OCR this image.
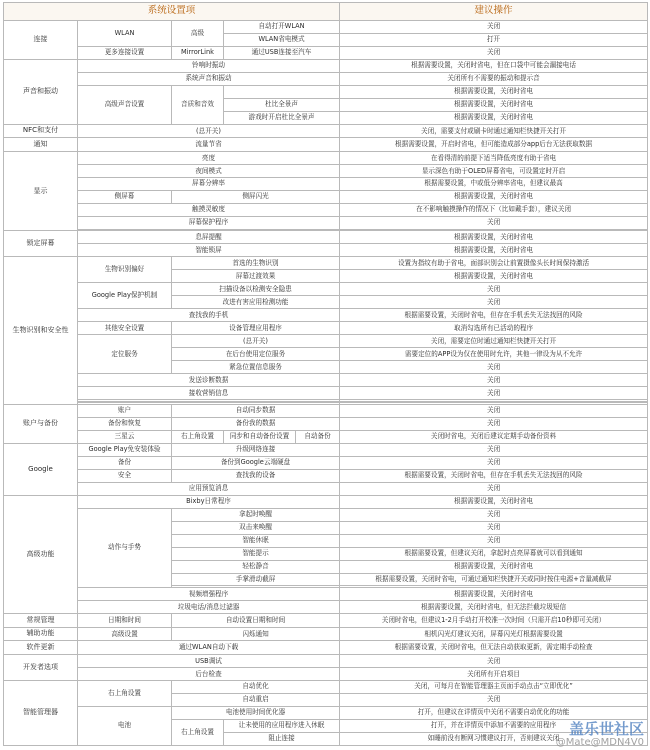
系统设置项					建议操作
连接	WLAN	高级	自动打开WLAN		关闭
			WLAN省电模式		打开
	更多连接设置	MirrorLink	通过USB连接至汽车		关闭
声音和振动	铃响时振动				根据需要设置，关闭时省电，但在口袋中可能会漏接电话
	系统声音和振动				关闭所有不需要的振动和提示音
	高级声音设置	音质和音效			根据需要设置，关闭时省电
			杜比全景声		根据需要设置，关闭时省电
			游戏时开启杜比全景声		根据需要设置，关闭时省电
NFC和支付	(总开关)				关闭，需要支付或刷卡时通过通知栏快捷开关打开
通知	流量节省				根据需要设置，开启时省电，但可能造成部分app后台无法获取数据
显示	亮度				在看得清的前提下适当降低亮度有助于省电
	夜间模式				显示深色有助于OLED屏幕省电，可设置定时开启
	屏幕分辨率				根据需要设置，中或低分辨率省电，但建议最高
	侧屏幕	侧屏闪光			根据需要设置，关闭时省电
	触摸灵敏度				在不影响触摸操作的情况下（比如戴手套），建议关闭
	屏幕保护程序				关闭

锁定屏幕	息屏提醒				根据需要设置，关闭时省电
	智能锁屏				根据需要设置，关闭时省电
生物识别和安全性	生物识别偏好	首选的生物识别			设置为指纹有助于省电，面部识别会让前置摄像头长时间保持激活
		屏幕过渡效果			根据需要设置，关闭时省电
	Google Play保护机制	扫描设备以检测安全隐患			关闭
		改进有害应用检测功能			关闭
	查找我的手机				根据需要设置，关闭时省电，但存在手机丢失无法找回的风险
	其他安全设置	设备管理应用程序			取消勾选所有已活动的程序
	定位服务	(总开关)			关闭，需要定位时通过通知栏快捷开关打开
		在后台使用定位服务			需要定位的APP设为仅在使用时允许，其他一律设为从不允许
		紧急位置信息服务			关闭
	发送诊断数据				关闭
	接收营销信息				关闭

账户与备份	账户	自动同步数据			关闭
	备份和恢复	备份我的数据			关闭
	三星云	右上角设置	同步和自动备份设置	自动备份	关闭时省电，关闭后建议定期手动备份资料
Google	Google Play免安装体验	升级网络连接			关闭
	备份	备份到Google云端硬盘			关闭
	安全	查找我的设备			根据需要设置，关闭时省电，但存在手机丢失无法找回的风险
	应用预览消息				关闭
高级功能	Bixby日常程序				根据需要设置，关闭时省电
	动作与手势	拿起时唤醒			关闭
		双击来唤醒			关闭
		智能休眠			关闭
		智能提示			根据需要设置，但建议关闭，拿起时点亮屏幕就可以看到通知
		轻松静音			根据需要设置，关闭时省电
		手掌滑动截屏			根据需要设置，关闭时省电，可通过通知栏快捷开关或同时按住电源+音量减截屏

	视频增强程序				根据需要设置，关闭时省电
	垃圾电话/消息过滤器				根据需要设置，关闭时省电，但无法拦截垃圾短信
常规管理	日期和时间	自动设置日期和时间			关闭时省电，但建议1-2月手动打开校准一次时间（只需开启10秒即可关闭）
辅助功能	高级设置	闪烁通知			相机闪光灯建议关闭，屏幕闪光灯根据需要设置
软件更新	通过WLAN自动下载				根据需要设置，关闭时省电，但无法自动获取更新，需定期手动检查
开发者选项	USB调试				关闭
	后台检查				关闭所有开启项目
智能管理器	右上角设置	自动优化			关闭，可每月在智能管理器主页面手动点击“立即优化”
		自动重启			关闭
	电池	电池使用时间优化器			打开，但建议在详情页中关闭不需要自动优化的功能
		右上角设置	让未使用的应用程序进入休眠		打开，并在详情页中添加不需要的应用程序
			阻止连接		如睡前没有断网习惯建议打开，否则建议关闭
盖乐世社区
@Mate@MDN4V0
